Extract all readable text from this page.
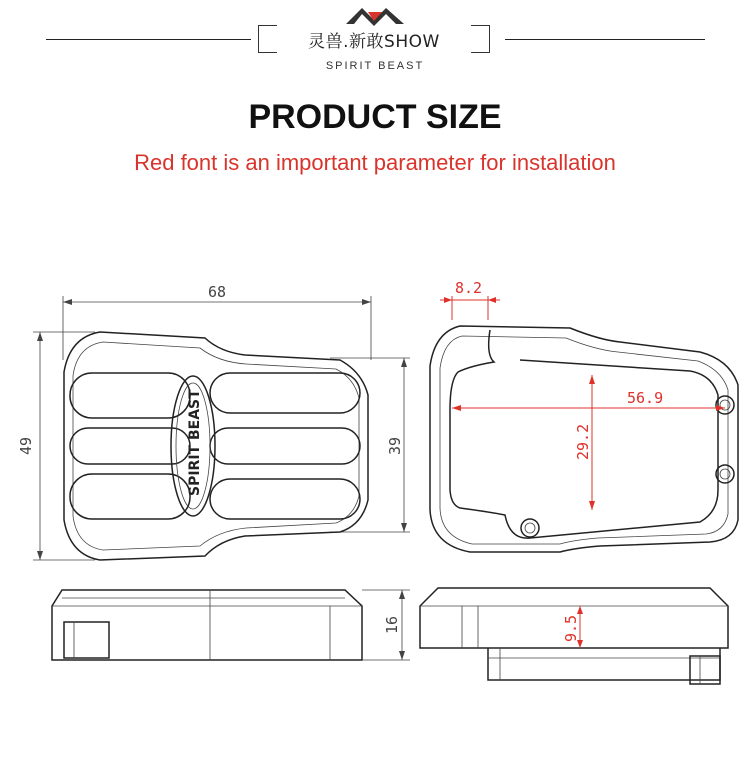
灵兽.新敢SHOW
SPIRIT BEAST
PRODUCT SIZE
Red font is an important parameter for installation
68
49	39
SPIRIT BEAST
8.2
56.9
29.2
16	9.5
